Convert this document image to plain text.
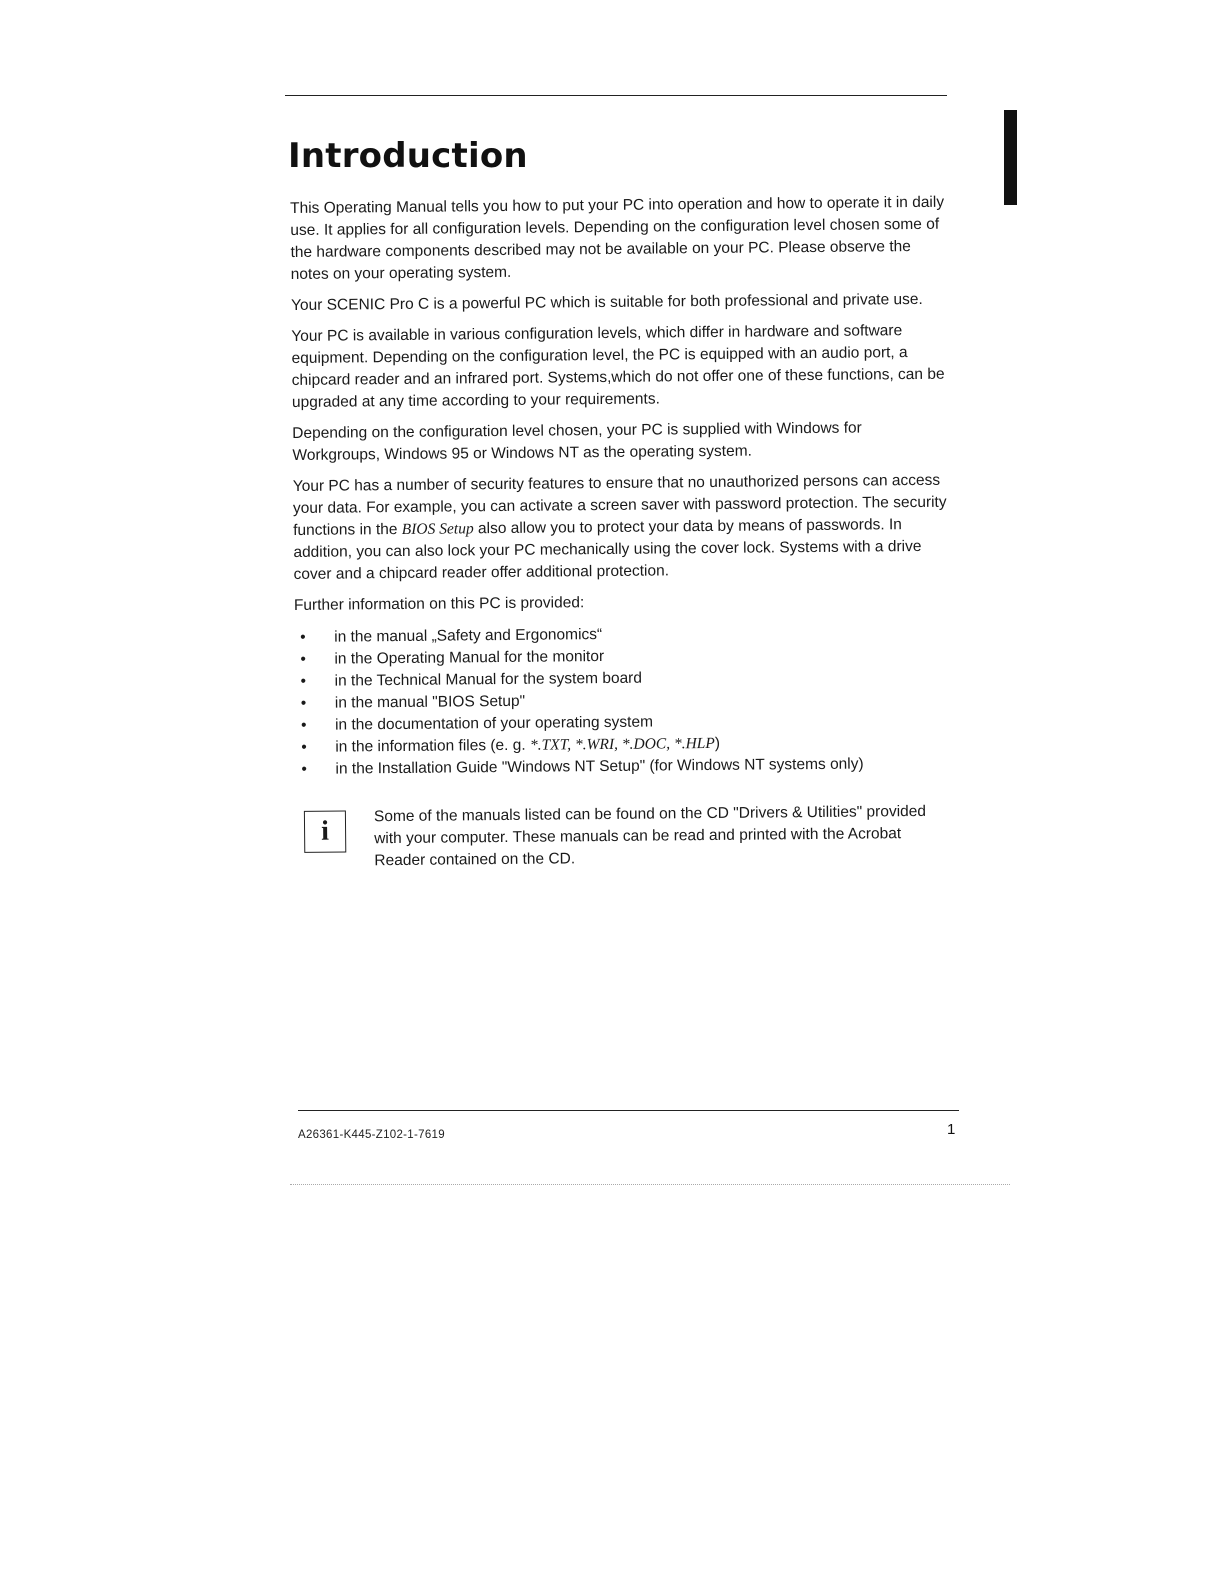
Introduction

This Operating Manual tells you how to put your PC into operation and how to operate it in daily use. It applies for all configuration levels. Depending on the configuration level chosen some of the hardware components described may not be available on your PC. Please observe the notes on your operating system.

Your SCENIC Pro C is a powerful PC which is suitable for both professional and private use.

Your PC is available in various configuration levels, which differ in hardware and software equipment. Depending on the configuration level, the PC is equipped with an audio port, a chipcard reader and an infrared port. Systems,which do not offer one of these functions, can be upgraded at any time according to your requirements.

Depending on the configuration level chosen, your PC is supplied with Windows for Workgroups, Windows 95 or Windows NT as the operating system.

Your PC has a number of security features to ensure that no unauthorized persons can access your data. For example, you can activate a screen saver with password protection. The security functions in the BIOS Setup also allow you to protect your data by means of passwords. In addition, you can also lock your PC mechanically using the cover lock. Systems with a drive cover and a chipcard reader offer additional protection.

Further information on this PC is provided:

• in the manual „Safety and Ergonomics“
• in the Operating Manual for the monitor
• in the Technical Manual for the system board
• in the manual "BIOS Setup"
• in the documentation of your operating system
• in the information files (e. g. *.TXT, *.WRI, *.DOC, *.HLP)
• in the Installation Guide "Windows NT Setup" (for Windows NT systems only)
i

Some of the manuals listed can be found on the CD "Drivers & Utilities" provided with your computer. These manuals can be read and printed with the Acrobat Reader contained on the CD.

A26361-K445-Z102-1-7619	1
